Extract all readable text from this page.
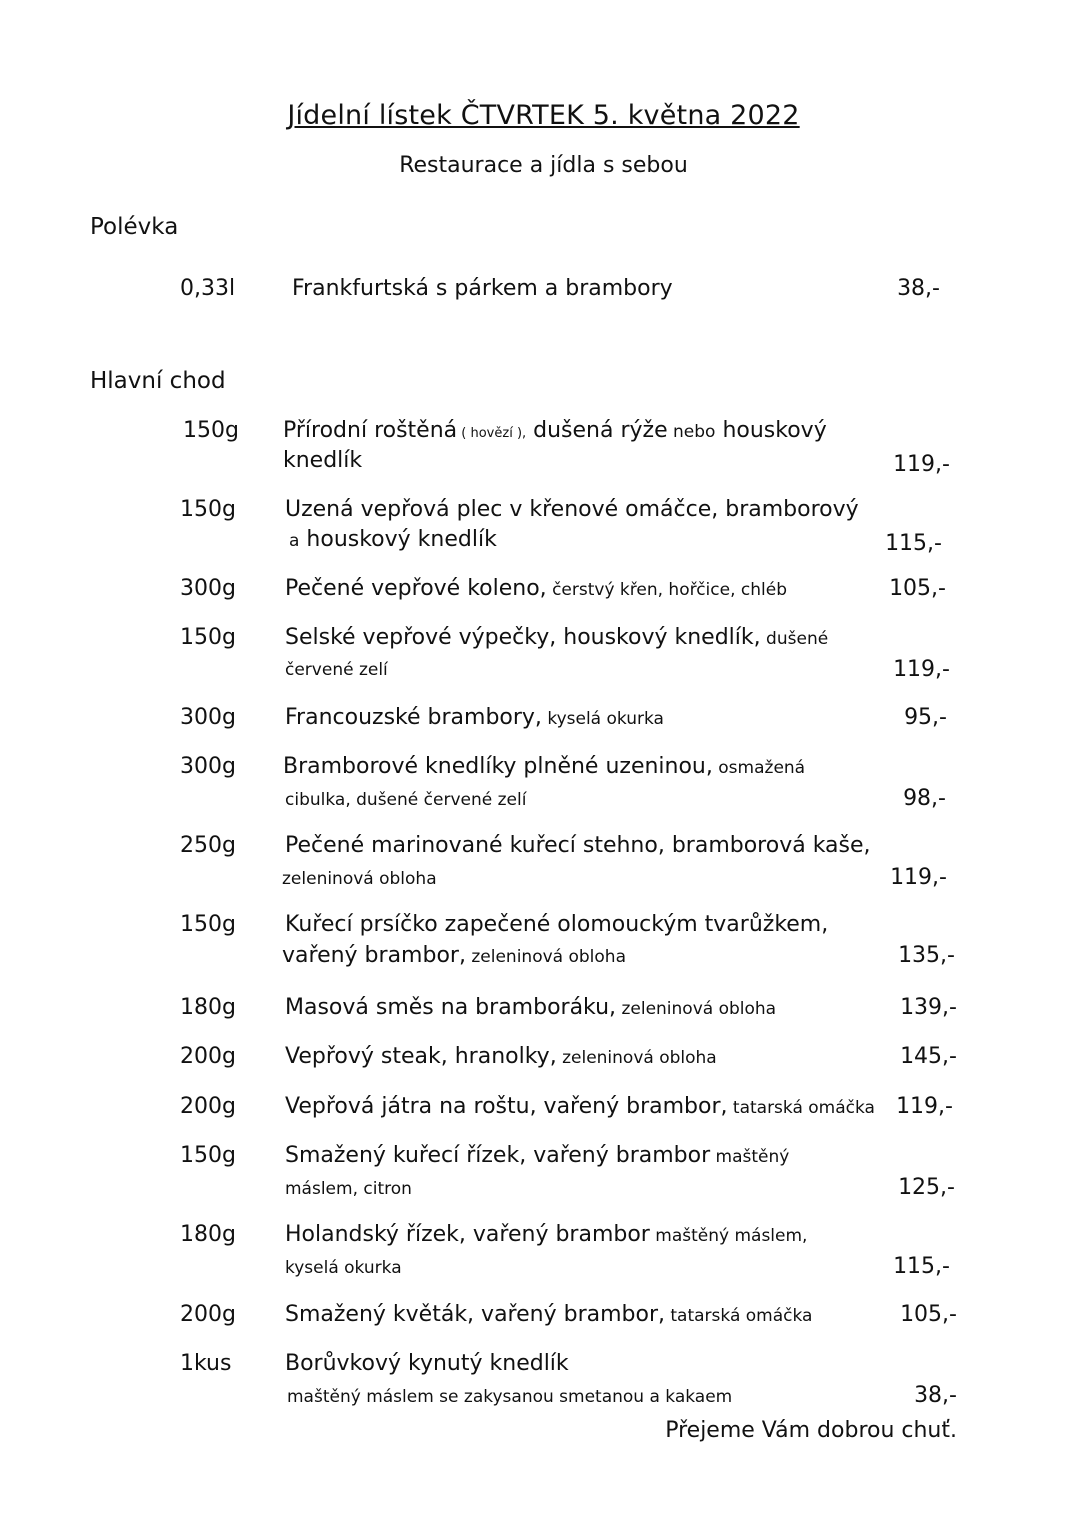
Jídelní lístek ČTVRTEK 5. května 2022
Restaurace a jídla s sebou
Polévka
0,33l	Frankfurtská s párkem a brambory	38,-
Hlavní chod
150g Přírodní roštěná ( hovězí ), dušená rýže nebo houskový
knedlík	119,-
150g Uzená vepřová plec v křenové omáčce, bramborový
a houskový knedlík	115,-
300g Pečené vepřové koleno, čerstvý křen, hořčice, chléb	105,-
150g Selské vepřové výpečky, houskový knedlík, dušené
červené zelí	119,-
300g Francouzské brambory, kyselá okurka	95,-
300g Bramborové knedlíky plněné uzeninou, osmažená
cibulka, dušené červené zelí	98,-
250g Pečené marinované kuřecí stehno, bramborová kaše,
zeleninová obloha	119,-
150g Kuřecí prsíčko zapečené olomouckým tvarůžkem,
vařený brambor, zeleninová obloha	135,-
180g Masová směs na bramboráku, zeleninová obloha	139,-
200g Vepřový steak, hranolky, zeleninová obloha	145,-
200g Vepřová játra na roštu, vařený brambor, tatarská omáčka 119,-
150g Smažený kuřecí řízek, vařený brambor maštěný
máslem, citron	125,-
180g Holandský řízek, vařený brambor maštěný máslem,
kyselá okurka	115,-
200g Smažený květák, vařený brambor, tatarská omáčka	105,-
1kus Borůvkový kynutý knedlík
maštěný máslem se zakysanou smetanou a kakaem	38,-
Přejeme Vám dobrou chuť.
